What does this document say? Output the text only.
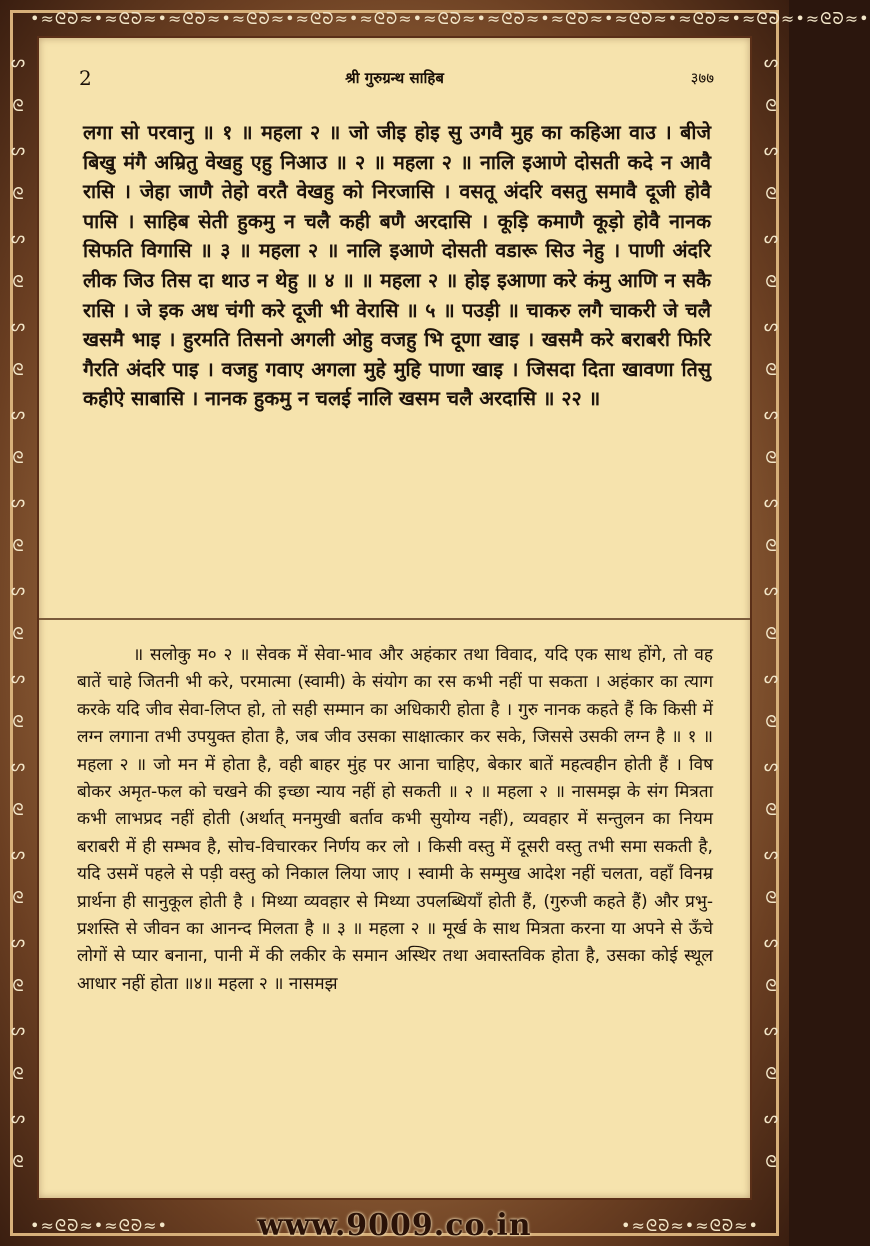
•≈ᘓᘐ≈•≈ᘓᘐ≈•≈ᘓᘐ≈•≈ᘓᘐ≈•≈ᘓᘐ≈•≈ᘓᘐ≈•≈ᘓᘐ≈•≈ᘓᘐ≈•≈ᘓᘐ≈•≈ᘓᘐ≈•≈ᘓᘐ≈•≈ᘓᘐ≈•≈ᘓᘐ≈•
ᔕ
ᘓ
ᔕ
ᘓ
ᔕ
ᘓ
ᔕ
ᘓ
ᔕ
ᘓ
ᔕ
ᘓ
ᔕ
ᘓ
ᔕ
ᘓ
ᔕ
ᘓ
ᔕ
ᘓ
ᔕ
ᘓ
ᔕ
ᘓ
ᔕ
ᘓ
ᔕ
ᘓ
ᔕ
ᘓ
ᔕ
ᘓ
ᔕ
ᘓ
ᔕ
ᘓ
ᔕ
ᘓ
ᔕ
ᘓ
ᔕ
ᘓ
ᔕ
ᘓ
ᔕ
ᘓ
ᔕ
ᘓ
ᔕ
ᘓ
ᔕ
ᘓ
2	श्री गुरुग्रन्थ साहिब	३७७

लगा सो परवानु ॥ १ ॥ महला २ ॥ जो जीइ होइ सु उगवै मुह का कहिआ वाउ । बीजे बिखु मंगै अम्रितु वेखहु एहु निआउ ॥ २ ॥ महला २ ॥ नालि इआणे दोसती कदे न आवै रासि । जेहा जाणै तेहो वरतै वेखहु को निरजासि । वसतू अंदरि वसतु समावै दूजी होवै पासि । साहिब सेती हुकमु न चलै कही बणै अरदासि । कूड़ि कमाणै कूड़ो होवै नानक सिफति विगासि ॥ ३ ॥ महला २ ॥ नालि इआणे दोसती वडारू सिउ नेहु । पाणी अंदरि लीक जिउ तिस दा थाउ न थेहु ॥ ४ ॥ ॥ महला २ ॥ होइ इआणा करे कंमु आणि न सकै रासि । जे इक अध चंगी करे दूजी भी वेरासि ॥ ५ ॥ पउड़ी ॥ चाकरु लगै चाकरी जे चलै खसमै भाइ । हुरमति तिसनो अगली ओहु वजहु भि दूणा खाइ । खसमै करे बराबरी फिरि गैरति अंदरि पाइ । वजहु गवाए अगला मुहे मुहि पाणा खाइ । जिसदा दिता खावणा तिसु कहीऐ साबासि । नानक हुकमु न चलई नालि खसम चलै अरदासि ॥ २२ ॥

॥ सलोकु म० २ ॥ सेवक में सेवा-भाव और अहंकार तथा विवाद, यदि एक साथ होंगे, तो वह बातें चाहे जितनी भी करे, परमात्मा (स्वामी) के संयोग का रस कभी नहीं पा सकता । अहंकार का त्याग करके यदि जीव सेवा-लिप्त हो, तो सही सम्मान का अधिकारी होता है । गुरु नानक कहते हैं कि किसी में लग्न लगाना तभी उपयुक्त होता है, जब जीव उसका साक्षात्कार कर सके, जिससे उसकी लग्न है ॥ १ ॥ महला २ ॥ जो मन में होता है, वही बाहर मुंह पर आना चाहिए, बेकार बातें महत्वहीन होती हैं । विष बोकर अमृत-फल को चखने की इच्छा न्याय नहीं हो सकती ॥ २ ॥ महला २ ॥ नासमझ के संग मित्रता कभी लाभप्रद नहीं होती (अर्थात् मनमुखी बर्ताव कभी सुयोग्य नहीं), व्यवहार में सन्तुलन का नियम बराबरी में ही सम्भव है, सोच-विचारकर निर्णय कर लो । किसी वस्तु में दूसरी वस्तु तभी समा सकती है, यदि उसमें पहले से पड़ी वस्तु को निकाल लिया जाए । स्वामी के सम्मुख आदेश नहीं चलता, वहाँ विनम्र प्रार्थना ही सानुकूल होती है । मिथ्या व्यवहार से मिथ्या उपलब्धियाँ होती हैं, (गुरुजी कहते हैं) और प्रभु-प्रशस्ति से जीवन का आनन्द मिलता है ॥ ३ ॥ महला २ ॥ मूर्ख के साथ मित्रता करना या अपने से ऊँचे लोगों से प्यार बनाना, पानी में की लकीर के समान अस्थिर तथा अवास्तविक होता है, उसका कोई स्थूल आधार नहीं होता ॥४॥ महला २ ॥ नासमझ

•≈ᘓᘐ≈•≈ᘓᘐ≈•	www.9009.co.in	•≈ᘓᘐ≈•≈ᘓᘐ≈•
